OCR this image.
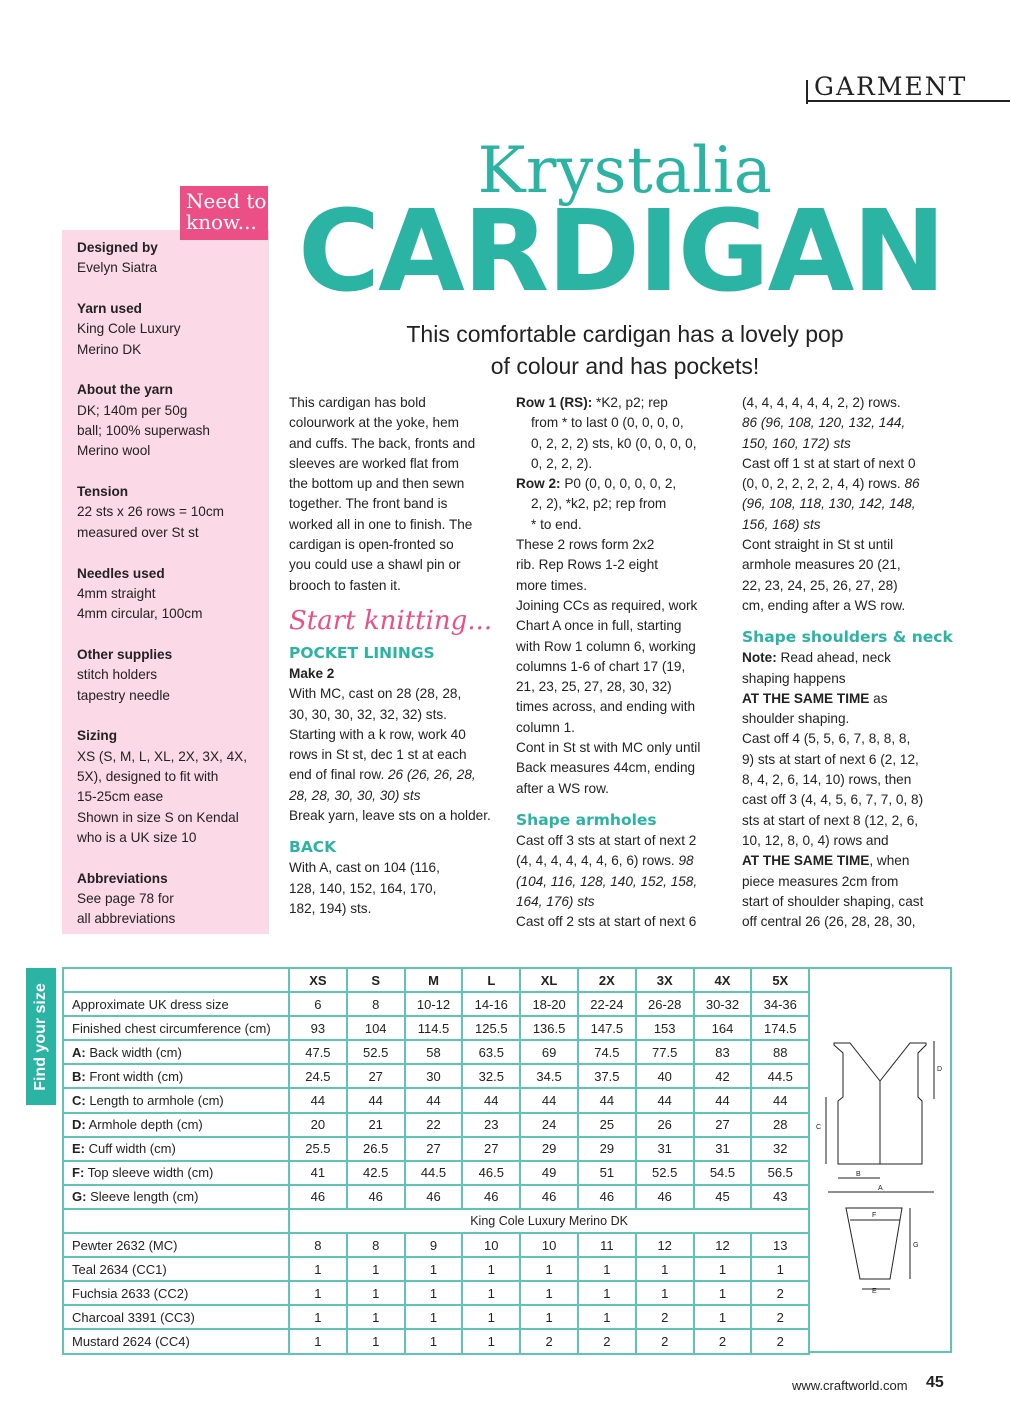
GARMENT
Krystalia
CARDIGAN
This comfortable cardigan has a lovely pop
of colour and has pockets!
Designed by
Evelyn Siatra
Yarn used
King Cole Luxury
Merino DK
About the yarn
DK; 140m per 50g
ball; 100% superwash
Merino wool
Tension
22 sts x 26 rows = 10cm
measured over St st
Needles used
4mm straight
4mm circular, 100cm
Other supplies
stitch holders
tapestry needle
Sizing
XS (S, M, L, XL, 2X, 3X, 4X,
5X), designed to fit with
15-25cm ease
Shown in size S on Kendal
who is a UK size 10
Abbreviations
See page 78 for
all abbreviations
Need to
know...

This cardigan has bold

colourwork at the yoke, hem

and cuffs. The back, fronts and

sleeves are worked flat from

the bottom up and then sewn

together. The front band is

worked all in one to finish. The

cardigan is open-fronted so

you could use a shawl pin or

brooch to fasten it.

Start knitting...
POCKET LININGS

Make 2

With MC, cast on 28 (28, 28,

30, 30, 30, 32, 32, 32) sts.

Starting with a k row, work 40

rows in St st, dec 1 st at each

end of final row. 26 (26, 26, 28,

28, 28, 30, 30, 30) sts

Break yarn, leave sts on a holder.

BACK

With A, cast on 104 (116,

128, 140, 152, 164, 170,

182, 194) sts.

Row 1 (RS): *K2, p2; rep

from * to last 0 (0, 0, 0, 0,

0, 2, 2, 2) sts, k0 (0, 0, 0, 0,

0, 2, 2, 2).

Row 2: P0 (0, 0, 0, 0, 0, 2,

2, 2), *k2, p2; rep from

* to end.

These 2 rows form 2x2

rib. Rep Rows 1-2 eight

more times.

Joining CCs as required, work

Chart A once in full, starting

with Row 1 column 6, working

columns 1-6 of chart 17 (19,

21, 23, 25, 27, 28, 30, 32)

times across, and ending with

column 1.

Cont in St st with MC only until

Back measures 44cm, ending

after a WS row.

Shape armholes

Cast off 3 sts at start of next 2

(4, 4, 4, 4, 4, 4, 6, 6) rows. 98

(104, 116, 128, 140, 152, 158,

164, 176) sts

Cast off 2 sts at start of next 6

(4, 4, 4, 4, 4, 4, 2, 2) rows.

86 (96, 108, 120, 132, 144,

150, 160, 172) sts

Cast off 1 st at start of next 0

(0, 0, 2, 2, 2, 2, 4, 4) rows. 86

(96, 108, 118, 130, 142, 148,

156, 168) sts

Cont straight in St st until

armhole measures 20 (21,

22, 23, 24, 25, 26, 27, 28)

cm, ending after a WS row.

Shape shoulders & neck

Note: Read ahead, neck

shaping happens

AT THE SAME TIME as

shoulder shaping.

Cast off 4 (5, 5, 6, 7, 8, 8, 8,

9) sts at start of next 6 (2, 12,

8, 4, 2, 6, 14, 10) rows, then

cast off 3 (4, 4, 5, 6, 7, 7, 0, 8)

sts at start of next 8 (12, 2, 6,

10, 12, 8, 0, 4) rows and

AT THE SAME TIME, when

piece measures 2cm from

start of shoulder shaping, cast

off central 26 (26, 28, 28, 30,

Find your size
	XS	S	M	L	XL	2X	3X	4X	5X
Approximate UK dress size	6	8	10-12	14-16	18-20	22-24	26-28	30-32	34-36
Finished chest circumference (cm)	93	104	114.5	125.5	136.5	147.5	153	164	174.5
A: Back width (cm)	47.5	52.5	58	63.5	69	74.5	77.5	83	88
B: Front width (cm)	24.5	27	30	32.5	34.5	37.5	40	42	44.5
C: Length to armhole (cm)	44	44	44	44	44	44	44	44	44
D: Armhole depth (cm)	20	21	22	23	24	25	26	27	28
E: Cuff width (cm)	25.5	26.5	27	27	29	29	31	31	32
F: Top sleeve width (cm)	41	42.5	44.5	46.5	49	51	52.5	54.5	56.5
G: Sleeve length (cm)	46	46	46	46	46	46	46	45	43
	King Cole Luxury Merino DK								
Pewter 2632 (MC)	8	8	9	10	10	11	12	12	13
Teal 2634 (CC1)	1	1	1	1	1	1	1	1	1
Fuchsia 2633 (CC2)	1	1	1	1	1	1	1	1	2
Charcoal 3391 (CC3)	1	1	1	1	1	1	2	1	2
Mustard 2624 (CC4)	1	1	1	1	2	2	2	2	2
D
C
B
A
F
E
G
www.craftworld.com 45
